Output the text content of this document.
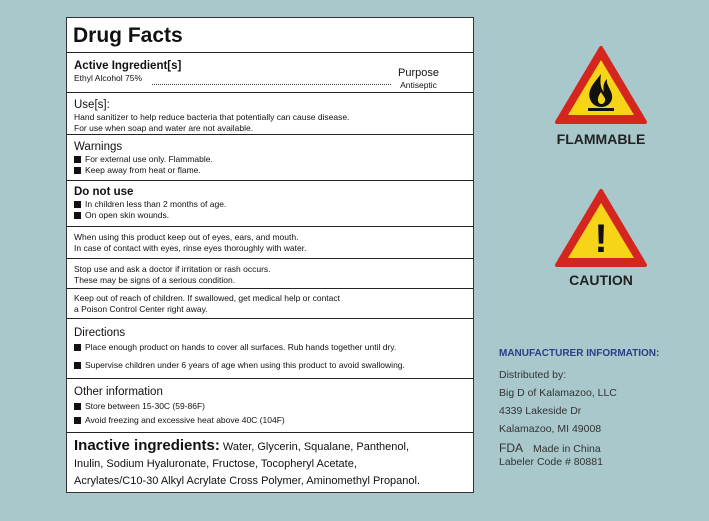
Drug Facts
Active Ingredient[s]
Ethyl Alcohol 75%	Purpose
Antiseptic
Use[s]:
Hand sanitizer to help reduce bacteria that potentially can cause disease.
For use when soap and water are not available.
Warnings
For external use only. Flammable.
Keep away from heat or flame.
Do not use
In children less than 2 months of age.
On open skin wounds.
When using this product keep out of eyes, ears, and mouth.
In case of contact with eyes, rinse eyes thoroughly with water.
Stop use and ask a doctor if irritation or rash occurs.
These may be signs of a serious condition.
Keep out of reach of children. If swallowed, get medical help or contact
a Poison Control Center right away.
Directions
Place enough product on hands to cover all surfaces. Rub hands together until dry.
Supervise children under 6 years of age when using this product to avoid swallowing.
Other information
Store between 15-30C (59-86F)
Avoid freezing and excessive heat above 40C (104F)
Inactive ingredients: Water, Glycerin, Squalane, Panthenol,
Inulin, Sodium Hyaluronate, Fructose, Tocopheryl Acetate,
Acrylates/C10-30 Alkyl Acrylate Cross Polymer, Aminomethyl Propanol.
FLAMMABLE
!
CAUTION
MANUFACTURER INFORMATION:
Distributed by:
Big D of Kalamazoo, LLC
4339 Lakeside Dr
Kalamazoo, MI 49008
FDA Made in China
Labeler Code # 80881
